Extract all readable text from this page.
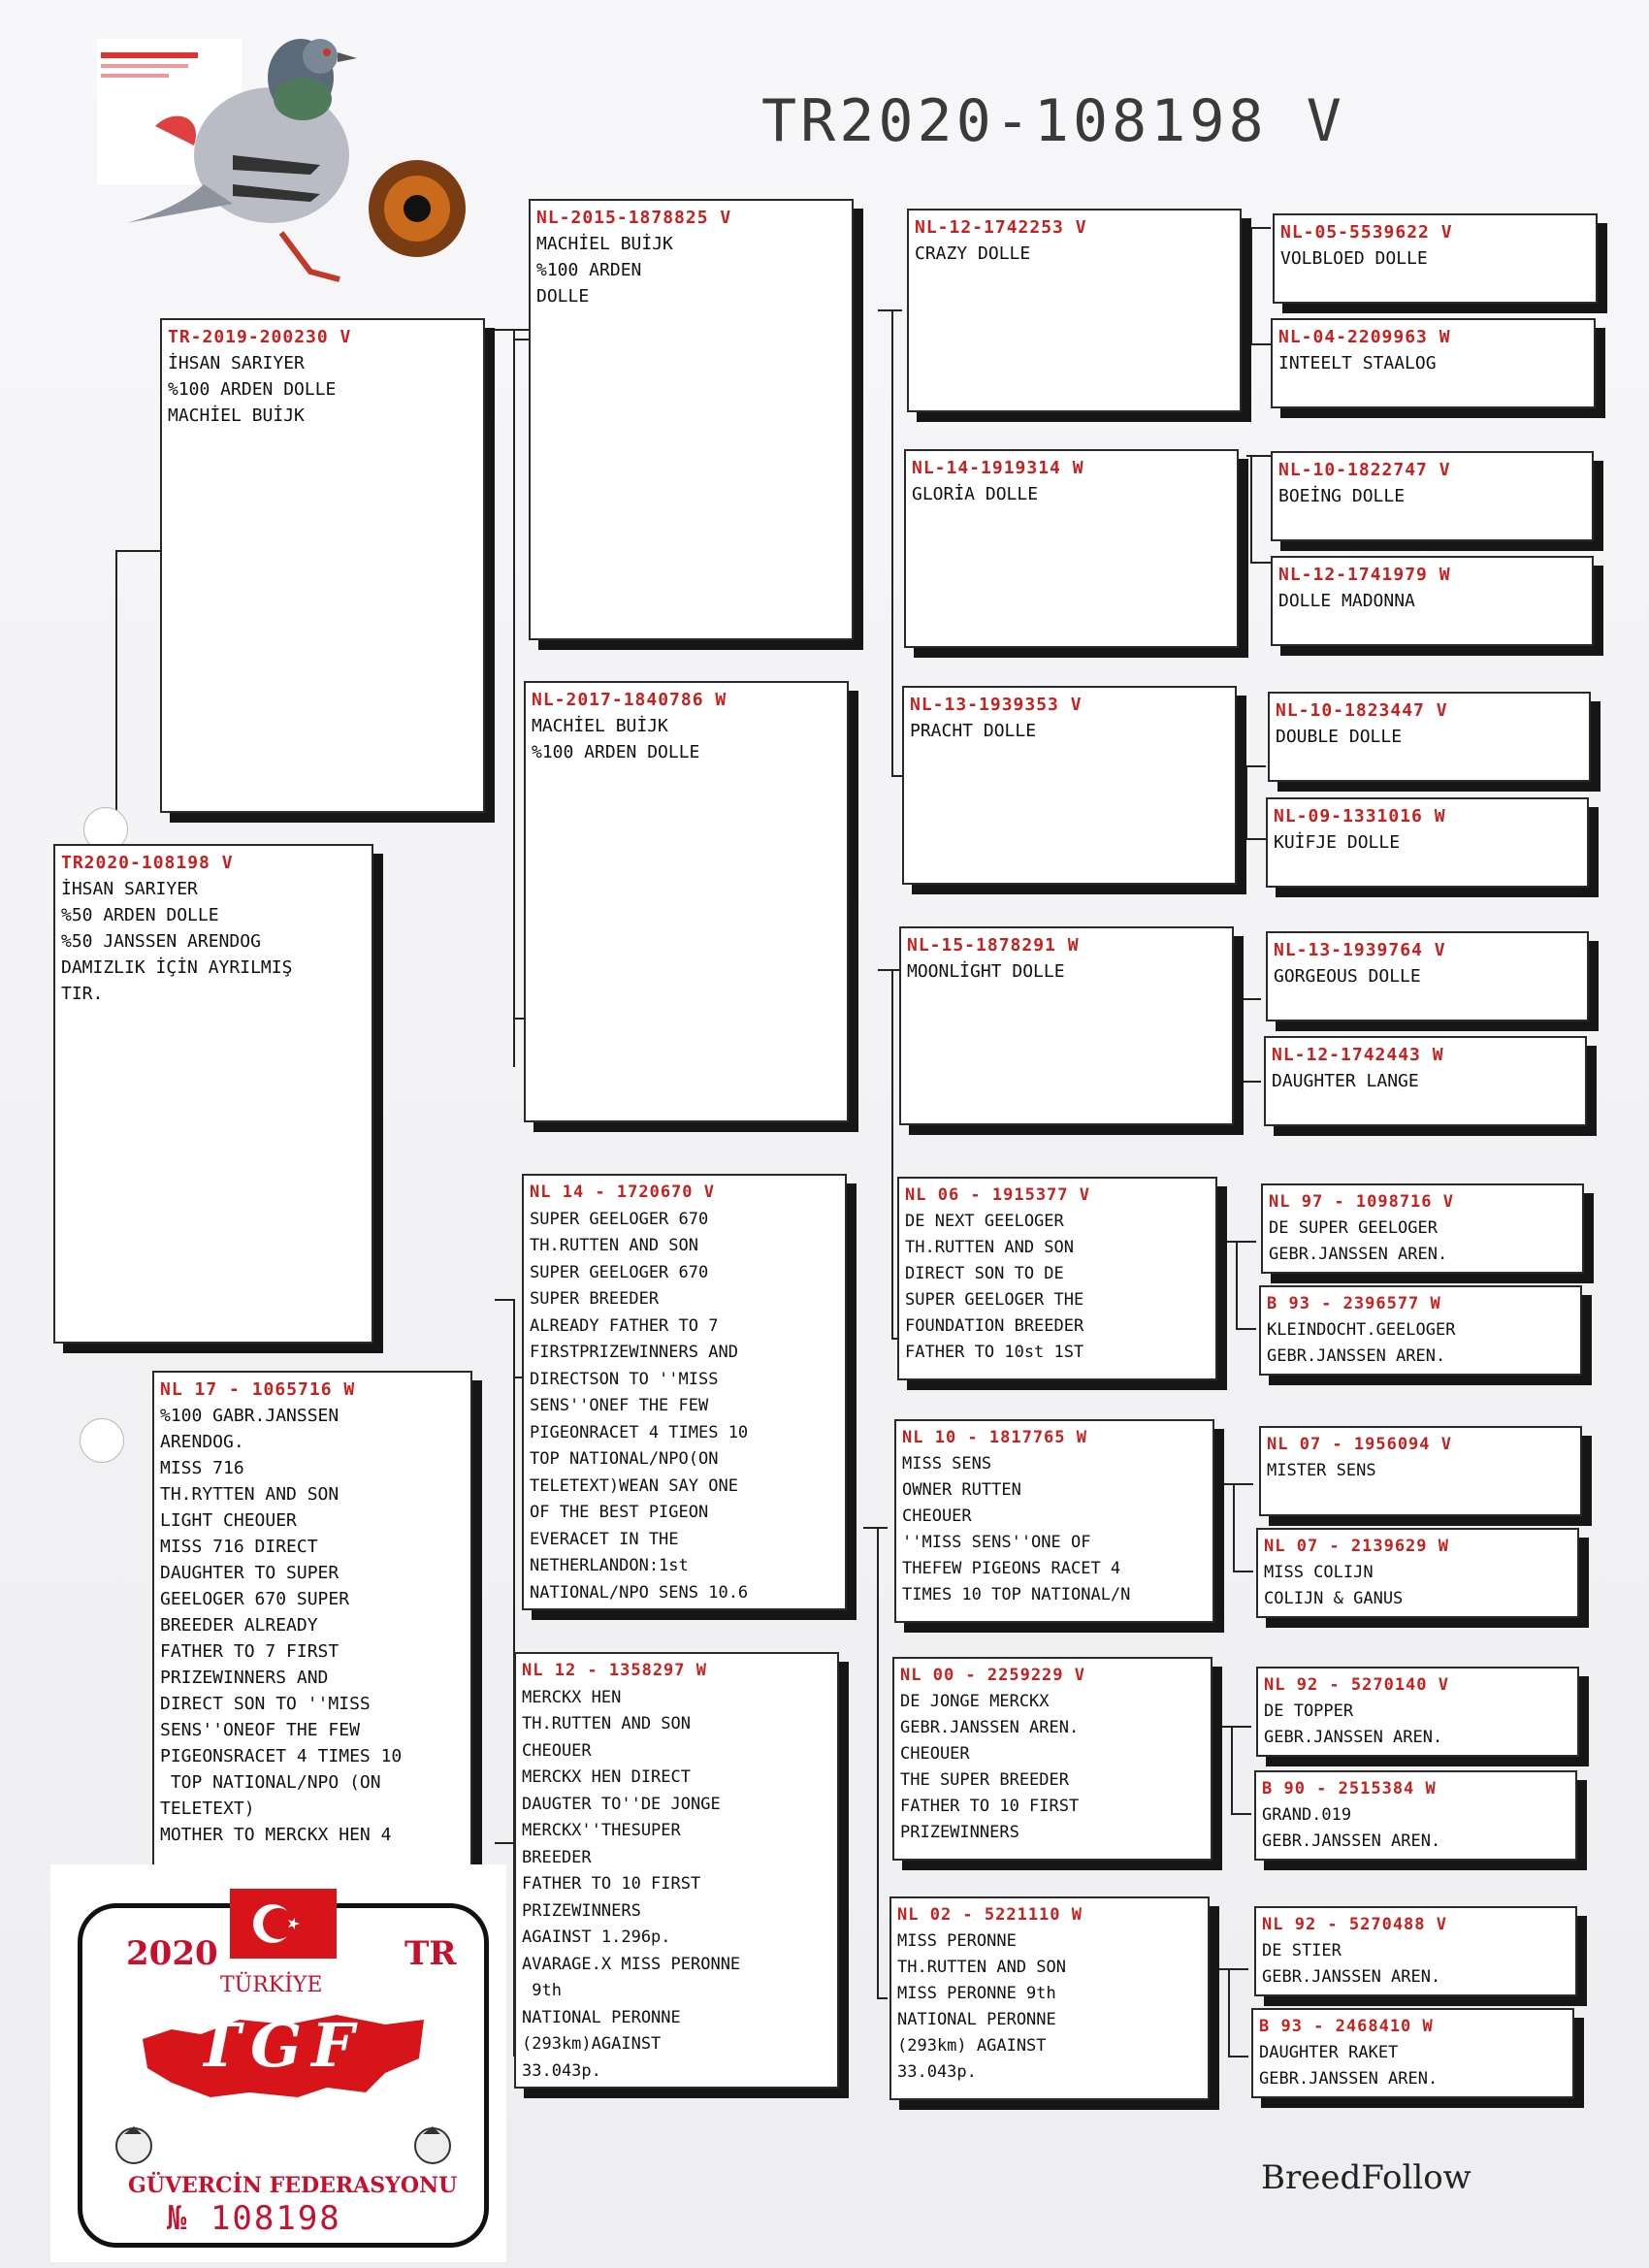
TR2020-108198 V
TR2020-108198 V
İHSAN SARIYER
%50 ARDEN DOLLE
%50 JANSSEN ARENDOG
DAMIZLIK İÇİN AYRILMIŞ
TIR.
TR-2019-200230 V
İHSAN SARIYER
%100 ARDEN DOLLE
MACHİEL BUİJK
NL 17 - 1065716 W
%100 GABR.JANSSEN
ARENDOG.
MISS 716
TH.RYTTEN AND SON
LIGHT CHEOUER
MISS 716 DIRECT
DAUGHTER TO SUPER
GEELOGER 670 SUPER
BREEDER ALREADY
FATHER TO 7 FIRST
PRIZEWINNERS AND
DIRECT SON TO ''MISS
SENS''ONEOF THE FEW
PIGEONSRACET 4 TIMES 10
TOP NATIONAL/NPO (ON
TELETEXT)
MOTHER TO MERCKX HEN 4
NL-2015-1878825 V
MACHİEL BUİJK
%100 ARDEN
DOLLE
NL-2017-1840786 W
MACHİEL BUİJK
%100 ARDEN DOLLE
NL 14 - 1720670 V
SUPER GEELOGER 670
TH.RUTTEN AND SON
SUPER GEELOGER 670
SUPER BREEDER
ALREADY FATHER TO 7
FIRSTPRIZEWINNERS AND
DIRECTSON TO ''MISS
SENS''ONEF THE FEW
PIGEONRACET 4 TIMES 10
TOP NATIONAL/NPO(ON
TELETEXT)WEAN SAY ONE
OF THE BEST PIGEON
EVERACET IN THE
NETHERLANDON:1st
NATIONAL/NPO SENS 10.6
NL 12 - 1358297 W
MERCKX HEN
TH.RUTTEN AND SON
CHEOUER
MERCKX HEN DIRECT
DAUGTER TO''DE JONGE
MERCKX''THESUPER
BREEDER
FATHER TO 10 FIRST
PRIZEWINNERS
AGAINST 1.296p.
AVARAGE.X MISS PERONNE
9th
NATIONAL PERONNE
(293km)AGAINST
33.043p.
NL-12-1742253 V
CRAZY DOLLE
NL-14-1919314 W
GLORİA DOLLE
NL-13-1939353 V
PRACHT DOLLE
NL-15-1878291 W
MOONLİGHT DOLLE
NL 06 - 1915377 V
DE NEXT GEELOGER
TH.RUTTEN AND SON
DIRECT SON TO DE
SUPER GEELOGER THE
FOUNDATION BREEDER
FATHER TO 10st 1ST
NL 10 - 1817765 W
MISS SENS
OWNER RUTTEN
CHEOUER
''MISS SENS''ONE OF
THEFEW PIGEONS RACET 4
TIMES 10 TOP NATIONAL/N
NL 00 - 2259229 V
DE JONGE MERCKX
GEBR.JANSSEN AREN.
CHEOUER
THE SUPER BREEDER
FATHER TO 10 FIRST
PRIZEWINNERS
NL 02 - 5221110 W
MISS PERONNE
TH.RUTTEN AND SON
MISS PERONNE 9th
NATIONAL PERONNE
(293km) AGAINST
33.043p.
NL-05-5539622 V
VOLBLOED DOLLE
NL-04-2209963 W
INTEELT STAALOG
NL-10-1822747 V
BOEİNG DOLLE
NL-12-1741979 W
DOLLE MADONNA
NL-10-1823447 V
DOUBLE DOLLE
NL-09-1331016 W
KUİFJE DOLLE
NL-13-1939764 V
GORGEOUS DOLLE
NL-12-1742443 W
DAUGHTER LANGE
NL 97 - 1098716 V
DE SUPER GEELOGER
GEBR.JANSSEN AREN.
B 93 - 2396577 W
KLEINDOCHT.GEELOGER
GEBR.JANSSEN AREN.
NL 07 - 1956094 V
MISTER SENS
NL 07 - 2139629 W
MISS COLIJN
COLIJN & GANUS
NL 92 - 5270140 V
DE TOPPER
GEBR.JANSSEN AREN.
B 90 - 2515384 W
GRAND.019
GEBR.JANSSEN AREN.
NL 92 - 5270488 V
DE STIER
GEBR.JANSSEN AREN.
B 93 - 2468410 W
DAUGHTER RAKET
GEBR.JANSSEN AREN.
2020	TR
TÜRKİYE
TGF
GÜVERCİN FEDERASYONU
№ 108198
BreedFollow
